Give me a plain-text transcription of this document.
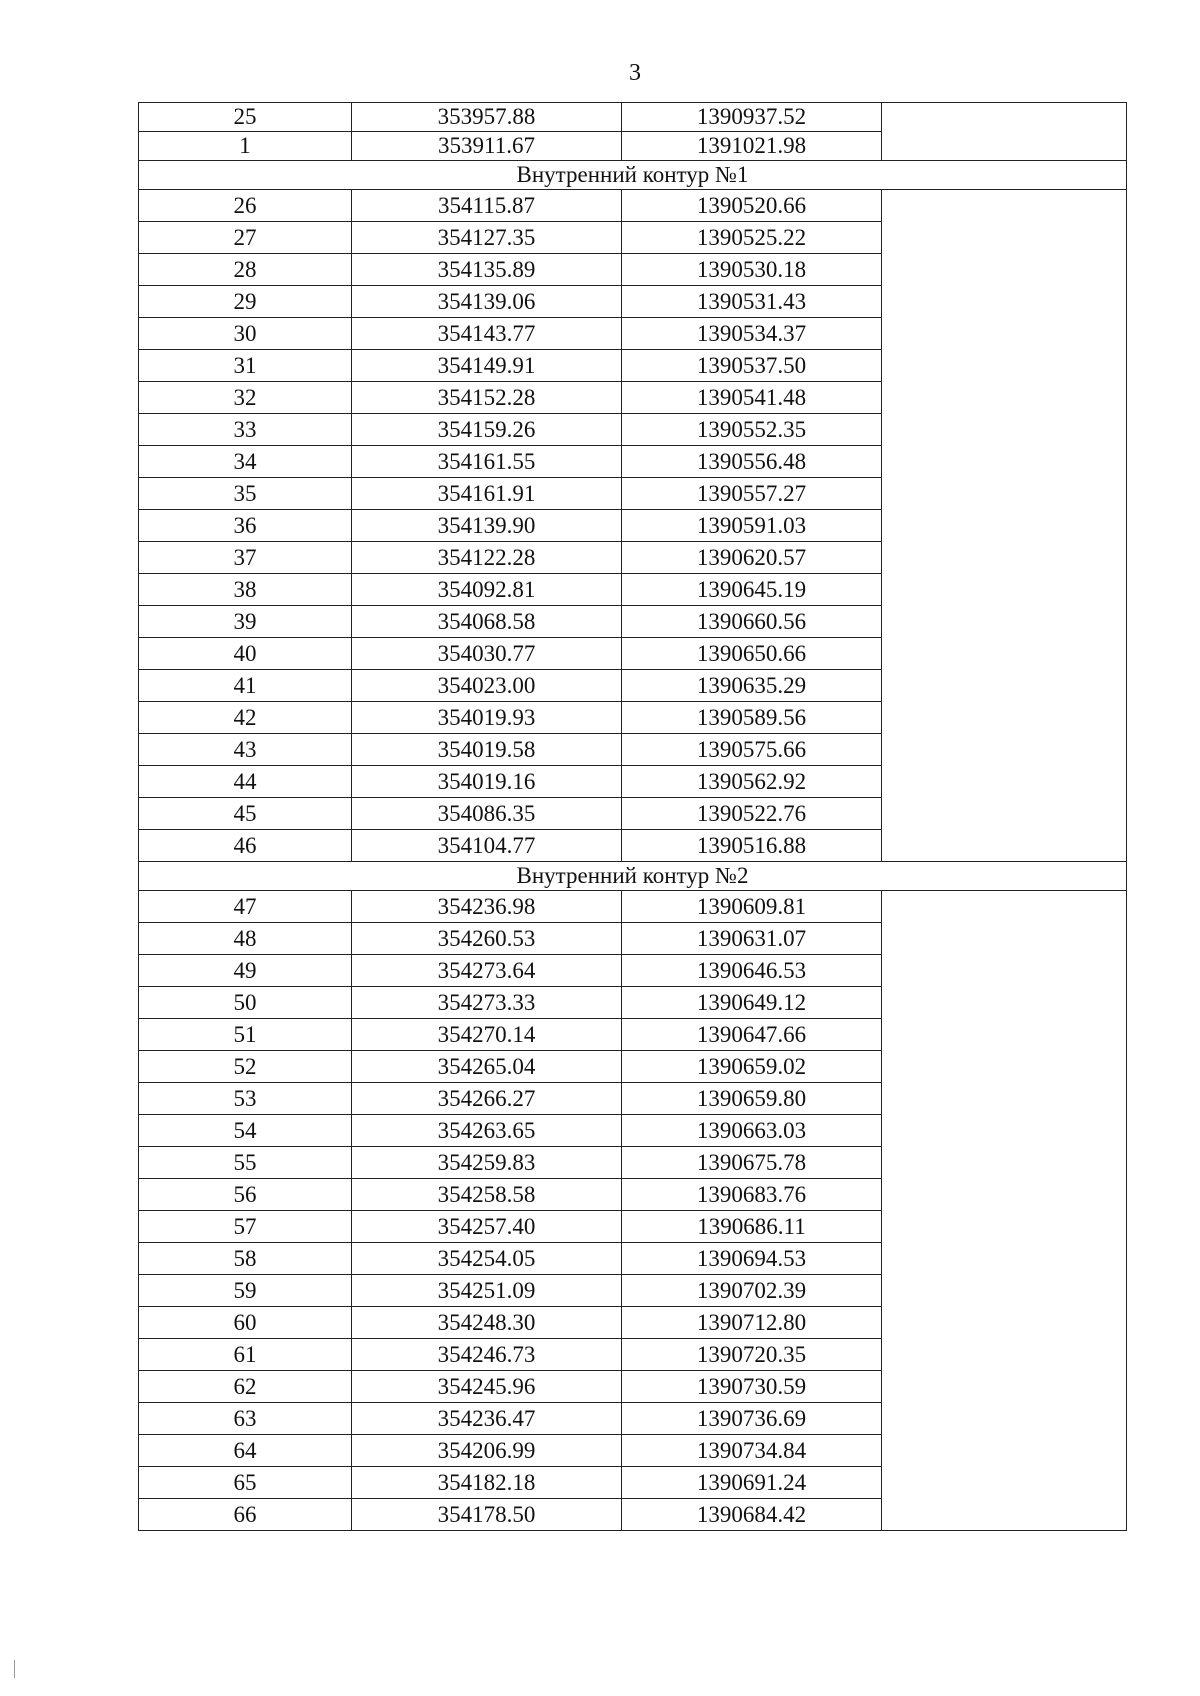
3
25	353957.88	1390937.52	
1	353911.67	1391021.98	
Внутренний контур №1			
26	354115.87	1390520.66	
27	354127.35	1390525.22	
28	354135.89	1390530.18	
29	354139.06	1390531.43	
30	354143.77	1390534.37	
31	354149.91	1390537.50	
32	354152.28	1390541.48	
33	354159.26	1390552.35	
34	354161.55	1390556.48	
35	354161.91	1390557.27	
36	354139.90	1390591.03	
37	354122.28	1390620.57	
38	354092.81	1390645.19	
39	354068.58	1390660.56	
40	354030.77	1390650.66	
41	354023.00	1390635.29	
42	354019.93	1390589.56	
43	354019.58	1390575.66	
44	354019.16	1390562.92	
45	354086.35	1390522.76	
46	354104.77	1390516.88	
Внутренний контур №2			
47	354236.98	1390609.81	
48	354260.53	1390631.07	
49	354273.64	1390646.53	
50	354273.33	1390649.12	
51	354270.14	1390647.66	
52	354265.04	1390659.02	
53	354266.27	1390659.80	
54	354263.65	1390663.03	
55	354259.83	1390675.78	
56	354258.58	1390683.76	
57	354257.40	1390686.11	
58	354254.05	1390694.53	
59	354251.09	1390702.39	
60	354248.30	1390712.80	
61	354246.73	1390720.35	
62	354245.96	1390730.59	
63	354236.47	1390736.69	
64	354206.99	1390734.84	
65	354182.18	1390691.24	
66	354178.50	1390684.42	
